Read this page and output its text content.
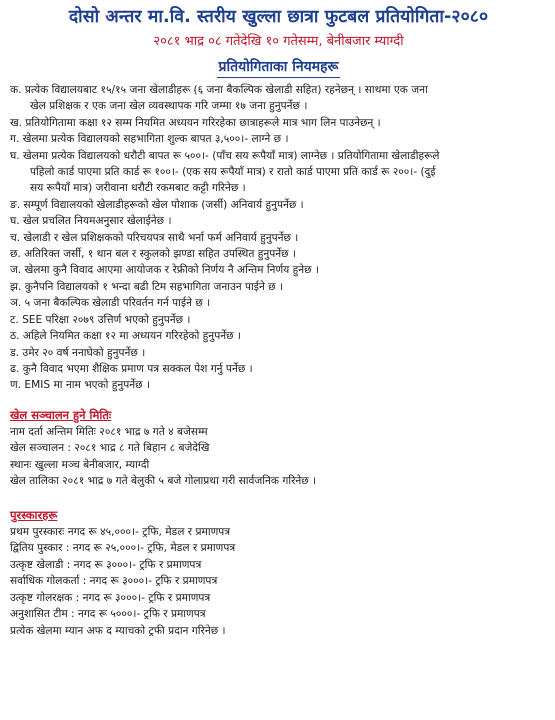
दोसो अन्तर मा.वि. स्तरीय खुल्ला छात्रा फुटबल प्रतियोगिता-२०८०
२०८१ भाद्र ०८ गतेदेखि १० गतेसम्म, बेनीबजार म्याग्दी
प्रतियोगिताका नियमहरू
क. प्रत्येक विद्यालयबाट १५/१५ जना खेलाडीहरू (६ जना बैकल्पिक खेलाडी सहित) रहनेछन् । साथमा एक जना
खेल प्रशिक्षक र एक जना खेल व्यवस्थापक गरि जम्मा १७ जना हुनुपर्नेछ ।
ख. प्रतियोगितामा कक्षा १२ सम्म नियमित अध्ययन गरिरहेका छात्राहरूले मात्र भाग लिन पाउनेछन् ।
ग. खेलमा प्रत्येक विद्यालयको सहभागिता शुल्क बापत ३,५००।- लाग्ने छ ।
घ. खेलमा प्रत्येक विद्यालयको धरौटी बापत रू ५००।- (पाँच सय रूपैयाँ मात्र) लाग्नेछ । प्रतियोगितामा खेलाडीहरूले
पहिलो कार्ड पाएमा प्रति कार्ड रू १००।- (एक सय रूपैयाँ मात्र) र रातो कार्ड पाएमा प्रति कार्ड रू २००।- (दुई
सय रूपैयाँ मात्र) जरीवाना धरौटी रकमबाट कट्टी गरिनेछ ।
ङ. सम्पूर्ण विद्यालयको खेलाडीहरूको खेल पोशाक (जर्सी) अनिवार्य हुनुपर्नेछ ।
घ. खेल प्रचलित नियमअनुसार खेलाईनेछ ।
च. खेलाडी र खेल प्रशिक्षकको परिचयपत्र साथै भर्ना फर्म अनिवार्य हुनुपर्नेछ ।
छ. अतिरिक्त जर्सी, १ थान बल र स्कुलको झण्डा सहित उपस्थित हुनुपर्नेछ ।
ज. खेलमा कुनै विवाद आएमा आयोजक र रेफ्रीको निर्णय नै अन्तिम निर्णय हुनेछ ।
झ. कुनैपनि विद्यालयको १ भन्दा बढी टिम सहभागिता जनाउन पाईने छ ।
ञ. ५ जना बैकल्पिक खेलाडी परिवर्तन गर्न पाईने छ ।
ट. SEE परिक्षा २०७९ उत्तिर्ण भएको हुनुपर्नेछ ।
ठ. अहिले नियमित कक्षा १२ मा अध्ययन गरिरहेको हुनुपर्नेछ ।
ड. उमेर २० वर्ष ननाघेको हुनुपर्नेछ ।
ढ. कुनै विवाद भएमा शैक्षिक प्रमाण पत्र सक्कल पेश गर्नु पर्नेछ ।
ण. EMIS मा नाम भएको हुनुपर्नेछ ।
खेल सञ्चालन हुने मितिः
नाम दर्ता अन्तिम मितिः २०८१ भाद्र ७ गते ४ बजेसम्म
खेल सञ्चालन : २०८१ भाद्र ८ गते बिहान ८ बजेदेखि
स्थानः खुल्ला मञ्च बेनीबजार, म्याग्दी
खेल तालिका २०८१ भाद्र ७ गते बेलुकी ५ बजे गोलाप्रथा गरी सार्वजनिक गरिनेछ ।
पुरस्कारहरू
प्रथम पुरस्कारः नगद रू ४५,०००।- ट्रफि, मेडल र प्रमाणपत्र
द्वितिय पुस्कार : नगद रू २५,०००।- ट्रफि, मेडल र प्रमाणपत्र
उत्कृष्ट खेलाडी : नगद रू ३०००।- ट्रफि र प्रमाणपत्र
सर्वाधिक गोलकर्ता : नगद रू ३०००।- ट्रफि र प्रमाणपत्र
उत्कृष्ट गोलरक्षक : नगद रू ३०००।- ट्रफि र प्रमाणपत्र
अनुशासित टीम : नगद रू ५०००।- ट्रफि र प्रमाणपत्र
प्रत्येक खेलमा म्यान अफ द म्याचको ट्रफी प्रदान गरिनेछ ।
